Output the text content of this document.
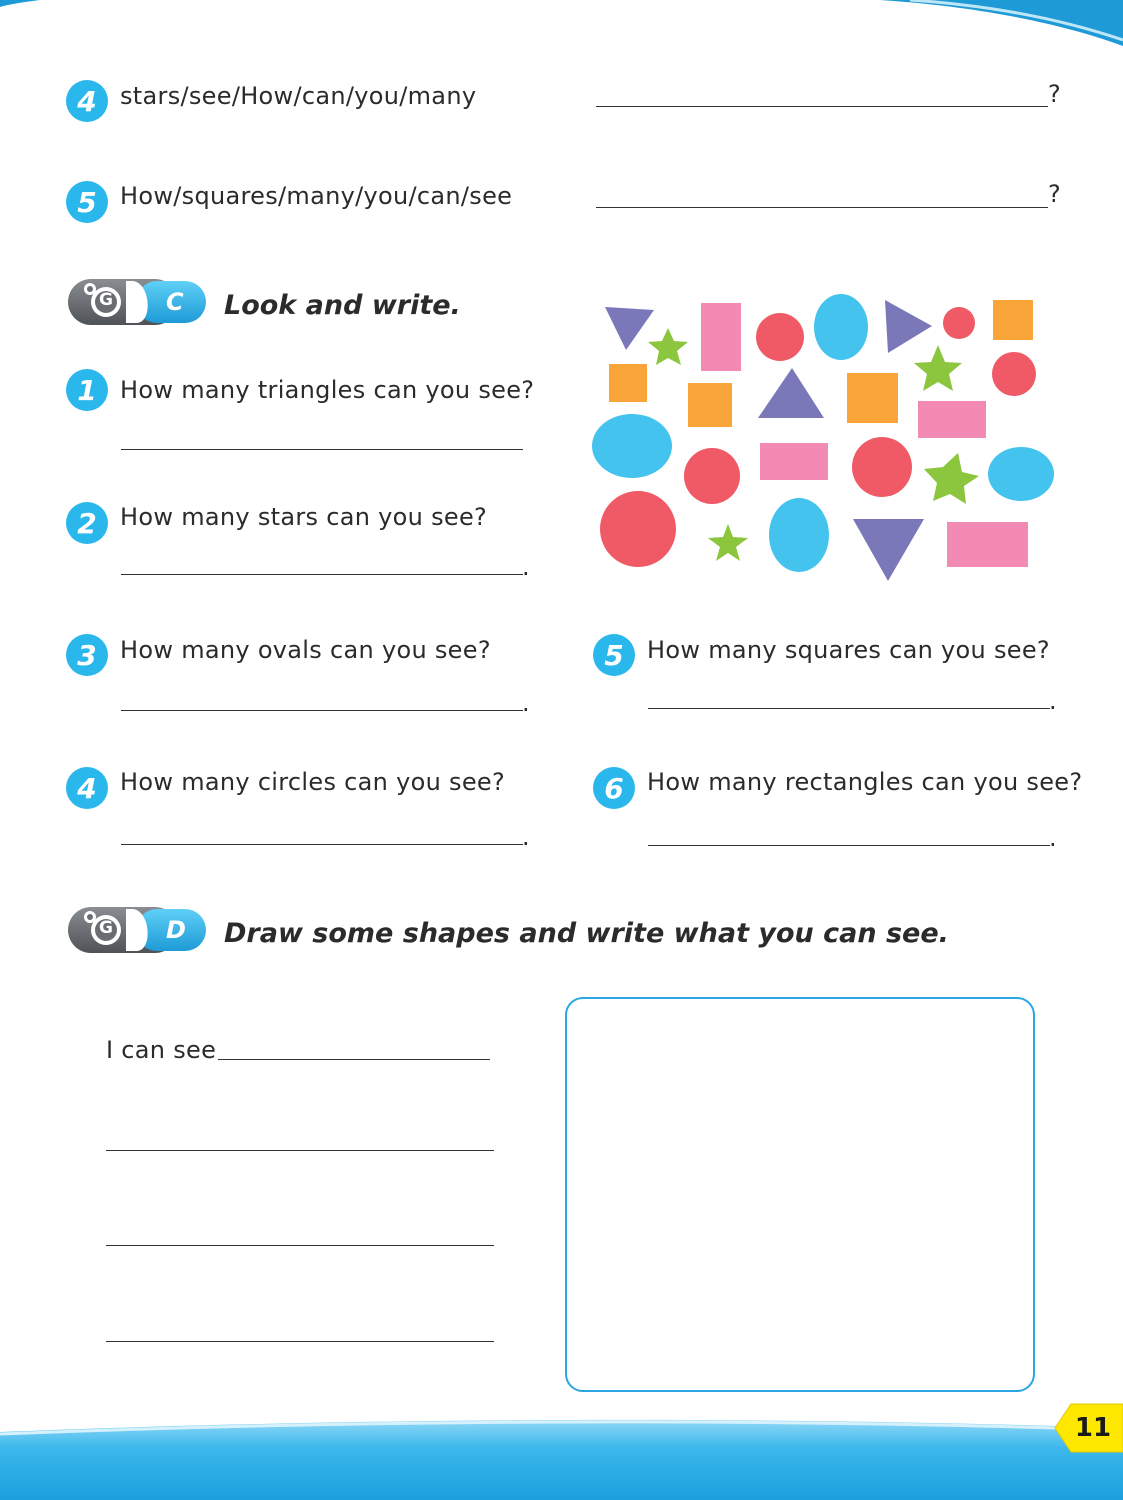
4 stars/see/How/can/you/many	?
5 How/squares/many/you/can/see	?
G C Look and write.
1 How many triangles can you see?
2 How many stars can you see?
.
3 How many ovals can you see?
.
4 How many circles can you see?
.
5 How many squares can you see?
.
6 How many rectangles can you see?
.
G D Draw some shapes and write what you can see.
I can see
11
